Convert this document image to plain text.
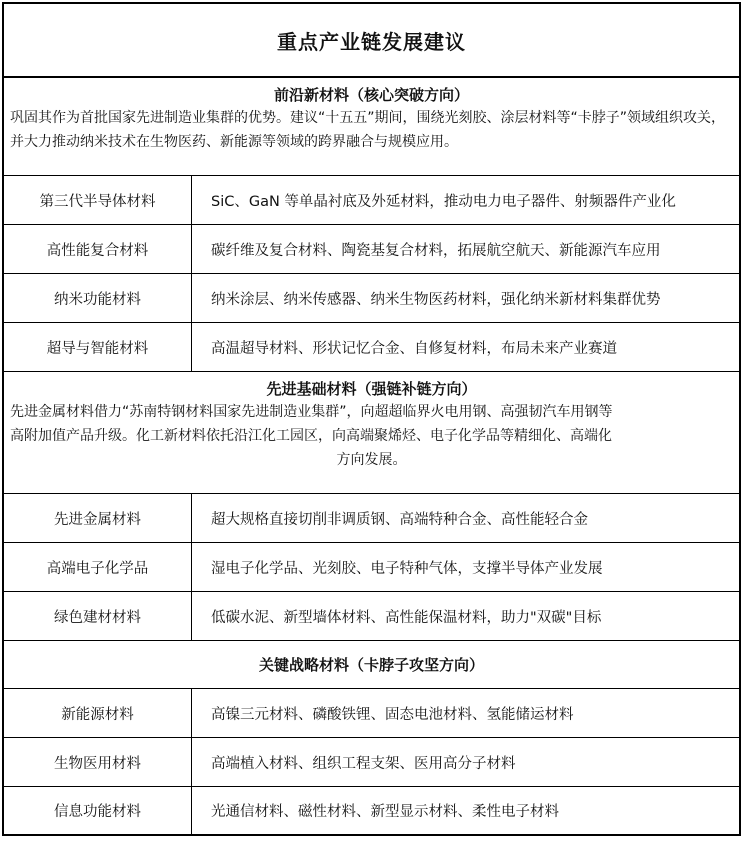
重点产业链发展建议
前沿新材料（核心突破方向）
巩固其作为首批国家先进制造业集群的优势。建议“十五五”期间，围绕光刻胶、涂层材料等“卡脖子”领域组织攻关，并大力推动纳米技术在生物医药、新能源等领域的跨界融合与规模应用。
第三代半导体材料	SiC、GaN 等单晶衬底及外延材料，推动电力电子器件、射频器件产业化
高性能复合材料	碳纤维及复合材料、陶瓷基复合材料，拓展航空航天、新能源汽车应用
纳米功能材料	纳米涂层、纳米传感器、纳米生物医药材料，强化纳米新材料集群优势
超导与智能材料	高温超导材料、形状记忆合金、自修复材料，布局未来产业赛道
先进基础材料（强链补链方向）
先进金属材料借力“苏南特钢材料国家先进制造业集群”，向超超临界火电用钢、高强韧汽车用钢等
高附加值产品升级。化工新材料依托沿江化工园区，向高端聚烯烃、电子化学品等精细化、高端化
方向发展。
先进金属材料	超大规格直接切削非调质钢、高端特种合金、高性能轻合金
高端电子化学品	湿电子化学品、光刻胶、电子特种气体，支撑半导体产业发展
绿色建材材料	低碳水泥、新型墙体材料、高性能保温材料，助力"双碳"目标
关键战略材料（卡脖子攻坚方向）
新能源材料	高镍三元材料、磷酸铁锂、固态电池材料、氢能储运材料
生物医用材料	高端植入材料、组织工程支架、医用高分子材料
信息功能材料	光通信材料、磁性材料、新型显示材料、柔性电子材料
